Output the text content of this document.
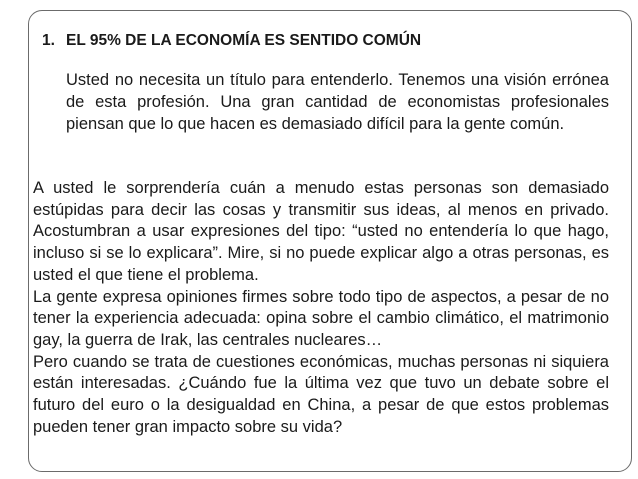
1. EL 95% DE LA ECONOMÍA ES SENTIDO COMÚN
Usted no necesita un título para entenderlo. Tenemos una visión errónea de esta profesión. Una gran cantidad de economistas profesionales piensan que lo que hacen es demasiado difícil para la gente común.

A usted le sorprendería cuán a menudo estas personas son demasiado estúpidas para decir las cosas y transmitir sus ideas, al menos en privado. Acostumbran a usar expresiones del tipo: “usted no entendería lo que hago, incluso si se lo explicara”. Mire, si no puede explicar algo a otras personas, es usted el que tiene el problema.

La gente expresa opiniones firmes sobre todo tipo de aspectos, a pesar de no tener la experiencia adecuada: opina sobre el cambio climático, el matrimonio gay, la guerra de Irak, las centrales nucleares…

Pero cuando se trata de cuestiones económicas, muchas personas ni siquiera están interesadas. ¿Cuándo fue la última vez que tuvo un debate sobre el futuro del euro o la desigualdad en China, a pesar de que estos problemas pueden tener gran impacto sobre su vida?
